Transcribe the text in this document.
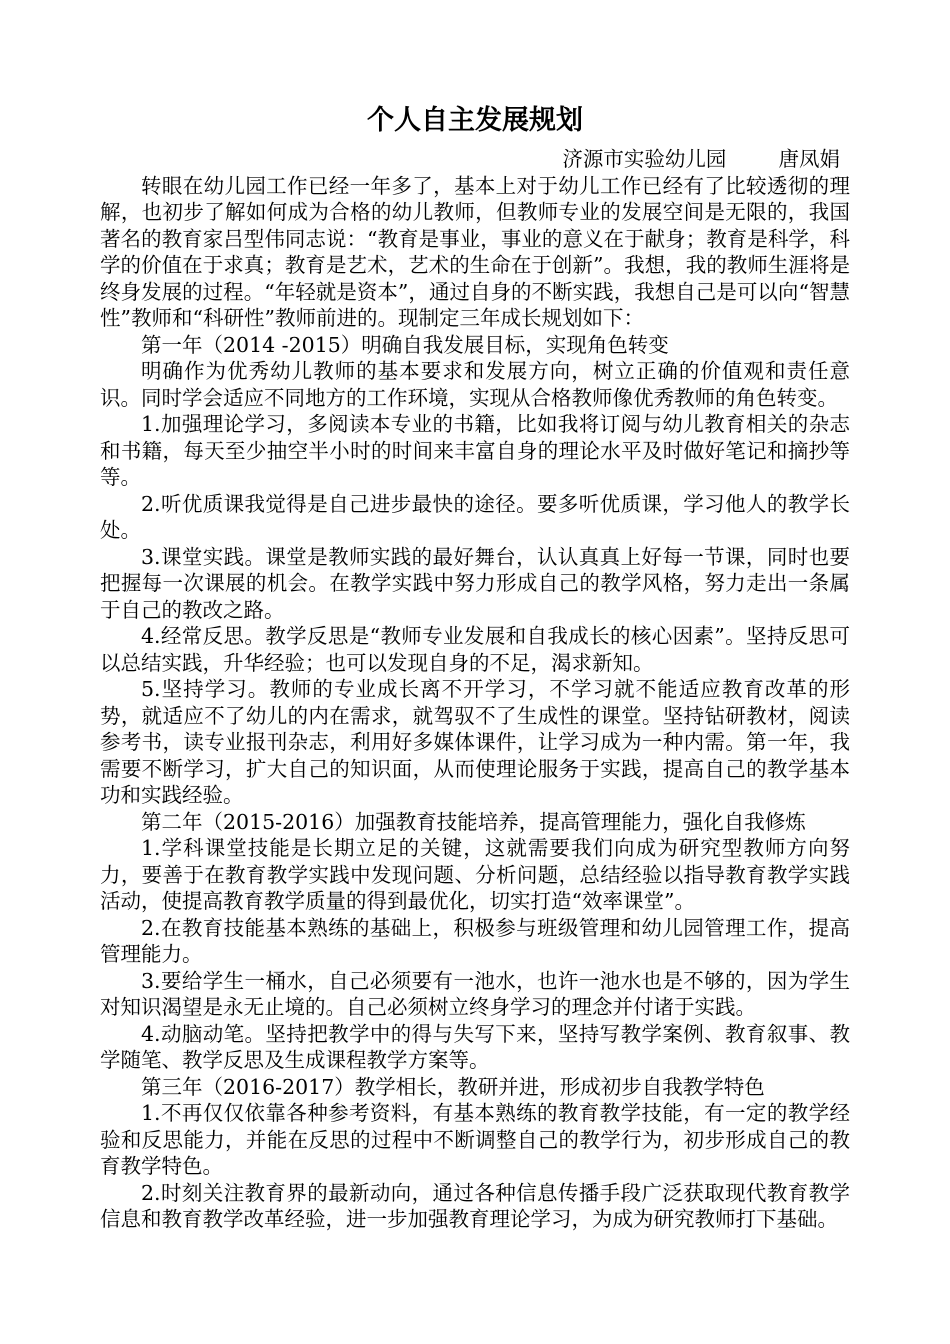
个人自主发展规划
济源市实验幼儿园        唐凤娟

转眼在幼儿园工作已经一年多了，基本上对于幼儿工作已经有了比较透彻的理解，也初步了解如何成为合格的幼儿教师，但教师专业的发展空间是无限的，我国著名的教育家吕型伟同志说：“教育是事业，事业的意义在于献身；教育是科学，科学的价值在于求真；教育是艺术，艺术的生命在于创新”。我想，我的教师生涯将是终身发展的过程。“年轻就是资本”，通过自身的不断实践，我想自己是可以向“智慧性”教师和“科研性”教师前进的。现制定三年成长规划如下：

第一年（2014 -2015）明确自我发展目标，实现角色转变

明确作为优秀幼儿教师的基本要求和发展方向，树立正确的价值观和责任意识。同时学会适应不同地方的工作环境，实现从合格教师像优秀教师的角色转变。

1.加强理论学习，多阅读本专业的书籍，比如我将订阅与幼儿教育相关的杂志和书籍，每天至少抽空半小时的时间来丰富自身的理论水平及时做好笔记和摘抄等等。

2.听优质课我觉得是自己进步最快的途径。要多听优质课，学习他人的教学长处。

3.课堂实践。课堂是教师实践的最好舞台，认认真真上好每一节课，同时也要把握每一次课展的机会。在教学实践中努力形成自己的教学风格，努力走出一条属于自己的教改之路。

4.经常反思。教学反思是“教师专业发展和自我成长的核心因素”。坚持反思可以总结实践，升华经验；也可以发现自身的不足，渴求新知。

5.坚持学习。教师的专业成长离不开学习，不学习就不能适应教育改革的形势，就适应不了幼儿的内在需求，就驾驭不了生成性的课堂。坚持钻研教材，阅读参考书，读专业报刊杂志，利用好多媒体课件，让学习成为一种内需。第一年，我需要不断学习，扩大自己的知识面，从而使理论服务于实践，提高自己的教学基本功和实践经验。

第二年（2015-2016）加强教育技能培养，提高管理能力，强化自我修炼

1.学科课堂技能是长期立足的关键，这就需要我们向成为研究型教师方向努力，要善于在教育教学实践中发现问题、分析问题，总结经验以指导教育教学实践活动，使提高教育教学质量的得到最优化，切实打造“效率课堂”。

2.在教育技能基本熟练的基础上，积极参与班级管理和幼儿园管理工作，提高管理能力。

3.要给学生一桶水，自己必须要有一池水，也许一池水也是不够的，因为学生对知识渴望是永无止境的。自己必须树立终身学习的理念并付诸于实践。

4.动脑动笔。坚持把教学中的得与失写下来，坚持写教学案例、教育叙事、教学随笔、教学反思及生成课程教学方案等。

第三年（2016-2017）教学相长，教研并进，形成初步自我教学特色

1.不再仅仅依靠各种参考资料，有基本熟练的教育教学技能，有一定的教学经验和反思能力，并能在反思的过程中不断调整自己的教学行为，初步形成自己的教育教学特色。

2.时刻关注教育界的最新动向，通过各种信息传播手段广泛获取现代教育教学信息和教育教学改革经验，进一步加强教育理论学习，为成为研究教师打下基础。
